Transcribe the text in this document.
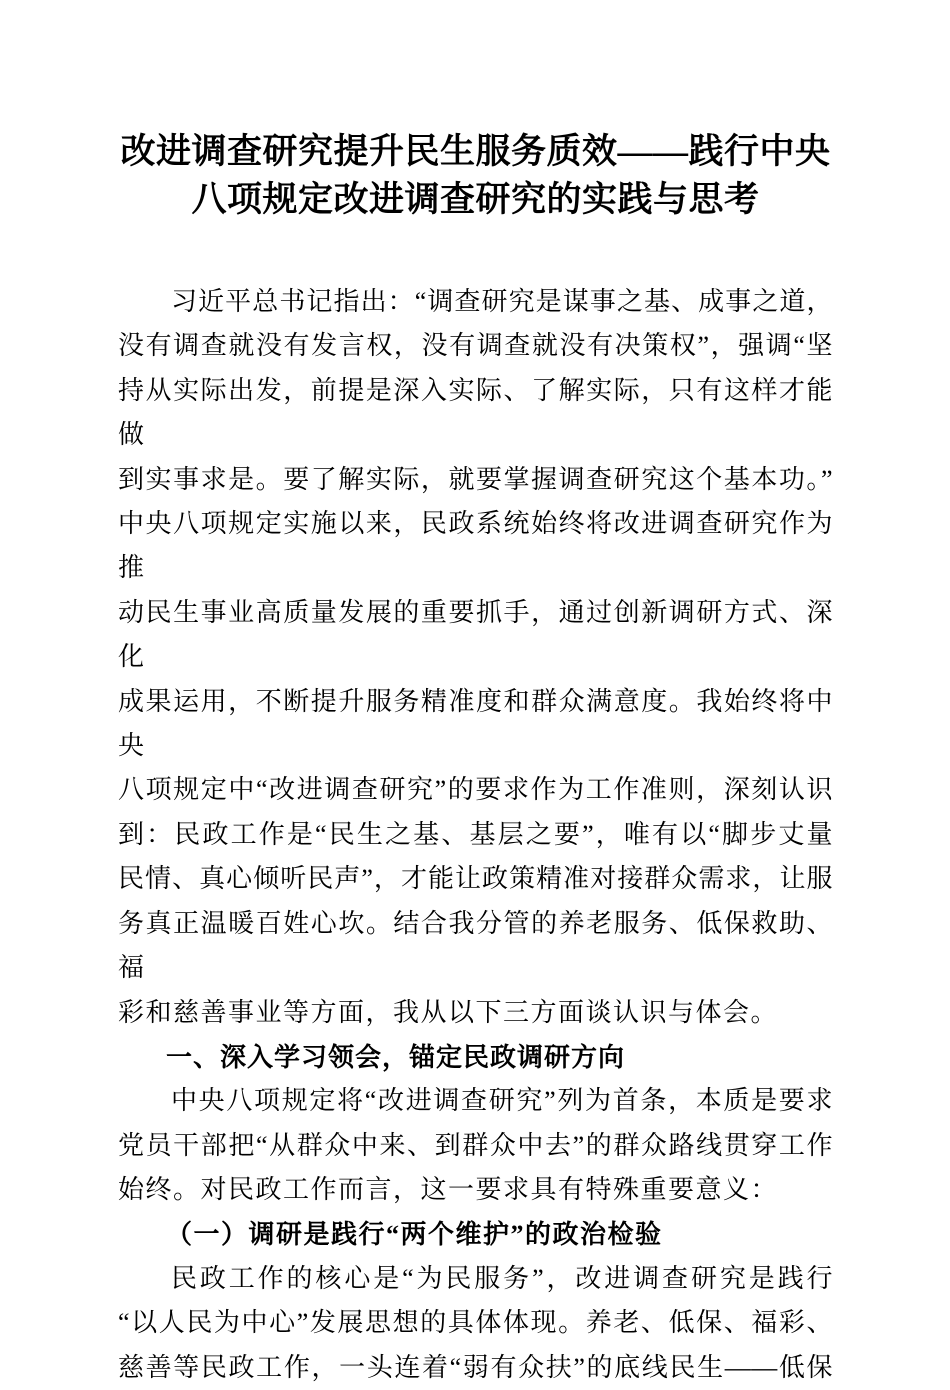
改进调查研究提升民生服务质效——践行中央
八项规定改进调查研究的实践与思考
习近平总书记指出：“调查研究是谋事之基、成事之道，
没有调查就没有发言权，没有调查就没有决策权”，强调“坚
持从实际出发，前提是深入实际、了解实际，只有这样才能做
到实事求是。要了解实际，就要掌握调查研究这个基本功。”
中央八项规定实施以来，民政系统始终将改进调查研究作为推
动民生事业高质量发展的重要抓手，通过创新调研方式、深化
成果运用，不断提升服务精准度和群众满意度。我始终将中央
八项规定中“改进调查研究”的要求作为工作准则，深刻认识
到：民政工作是“民生之基、基层之要”，唯有以“脚步丈量
民情、真心倾听民声”，才能让政策精准对接群众需求，让服
务真正温暖百姓心坎。结合我分管的养老服务、低保救助、福
彩和慈善事业等方面，我从以下三方面谈认识与体会。
一、深入学习领会，锚定民政调研方向
中央八项规定将“改进调查研究”列为首条，本质是要求
党员干部把“从群众中来、到群众中去”的群众路线贯穿工作
始终。对民政工作而言，这一要求具有特殊重要意义：
（一）调研是践行“两个维护”的政治检验
民政工作的核心是“为民服务”，改进调查研究是践行
“以人民为中心”发展思想的具体体现。养老、低保、福彩、
慈善等民政工作，一头连着“弱有众扶”的底线民生——低保
